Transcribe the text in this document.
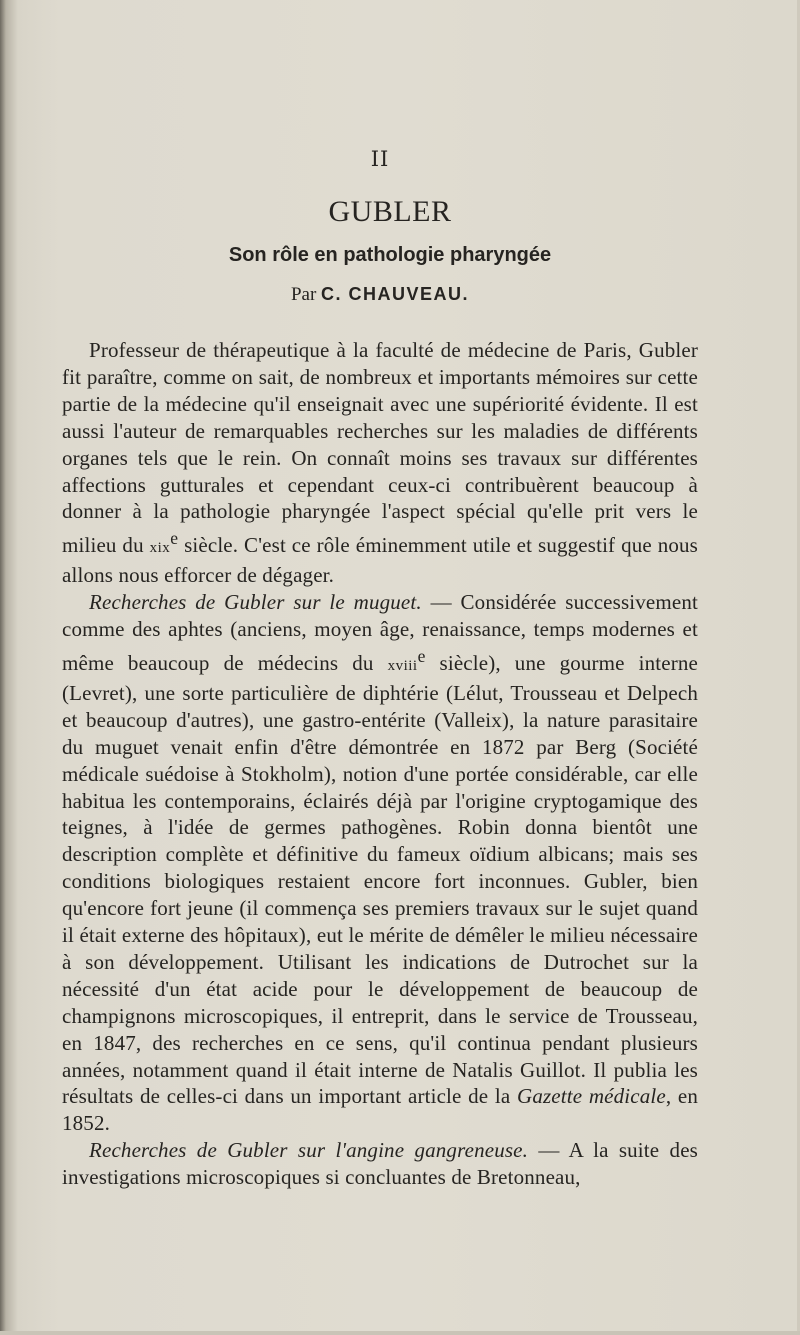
II
GUBLER
Son rôle en pathologie pharyngée
Par C. CHAUVEAU.

Professeur de thérapeutique à la faculté de médecine de Paris, Gubler fit paraître, comme on sait, de nombreux et importants mémoires sur cette partie de la médecine qu'il enseignait avec une supériorité évidente. Il est aussi l'auteur de remarquables recherches sur les maladies de différents organes tels que le rein. On connaît moins ses travaux sur différentes affections gutturales et cependant ceux-ci contribuèrent beaucoup à donner à la pathologie pharyngée l'aspect spécial qu'elle prit vers le milieu du xix$^e$ siècle. C'est ce rôle éminemment utile et suggestif que nous allons nous efforcer de dégager.

Recherches de Gubler sur le muguet. — Considérée successivement comme des aphtes (anciens, moyen âge, renaissance, temps modernes et même beaucoup de médecins du xviii$^e$ siècle), une gourme interne (Levret), une sorte particulière de diphtérie (Lélut, Trousseau et Delpech et beaucoup d'autres), une gastro-entérite (Valleix), la nature parasitaire du muguet venait enfin d'être démontrée en 1872 par Berg (Société médicale suédoise à Stokholm), notion d'une portée considérable, car elle habitua les contemporains, éclairés déjà par l'origine cryptogamique des teignes, à l'idée de germes pathogènes. Robin donna bientôt une description complète et définitive du fameux oïdium albicans; mais ses conditions biologiques restaient encore fort inconnues. Gubler, bien qu'encore fort jeune (il commença ses premiers travaux sur le sujet quand il était externe des hôpitaux), eut le mérite de démêler le milieu nécessaire à son développement. Utilisant les indications de Dutrochet sur la nécessité d'un état acide pour le développement de beaucoup de champignons microscopiques, il entreprit, dans le service de Trousseau, en 1847, des recherches en ce sens, qu'il continua pendant plusieurs années, notamment quand il était interne de Natalis Guillot. Il publia les résultats de celles-ci dans un important article de la Gazette médicale, en 1852.

Recherches de Gubler sur l'angine gangreneuse. — A la suite des investigations microscopiques si concluantes de Bretonneau,
